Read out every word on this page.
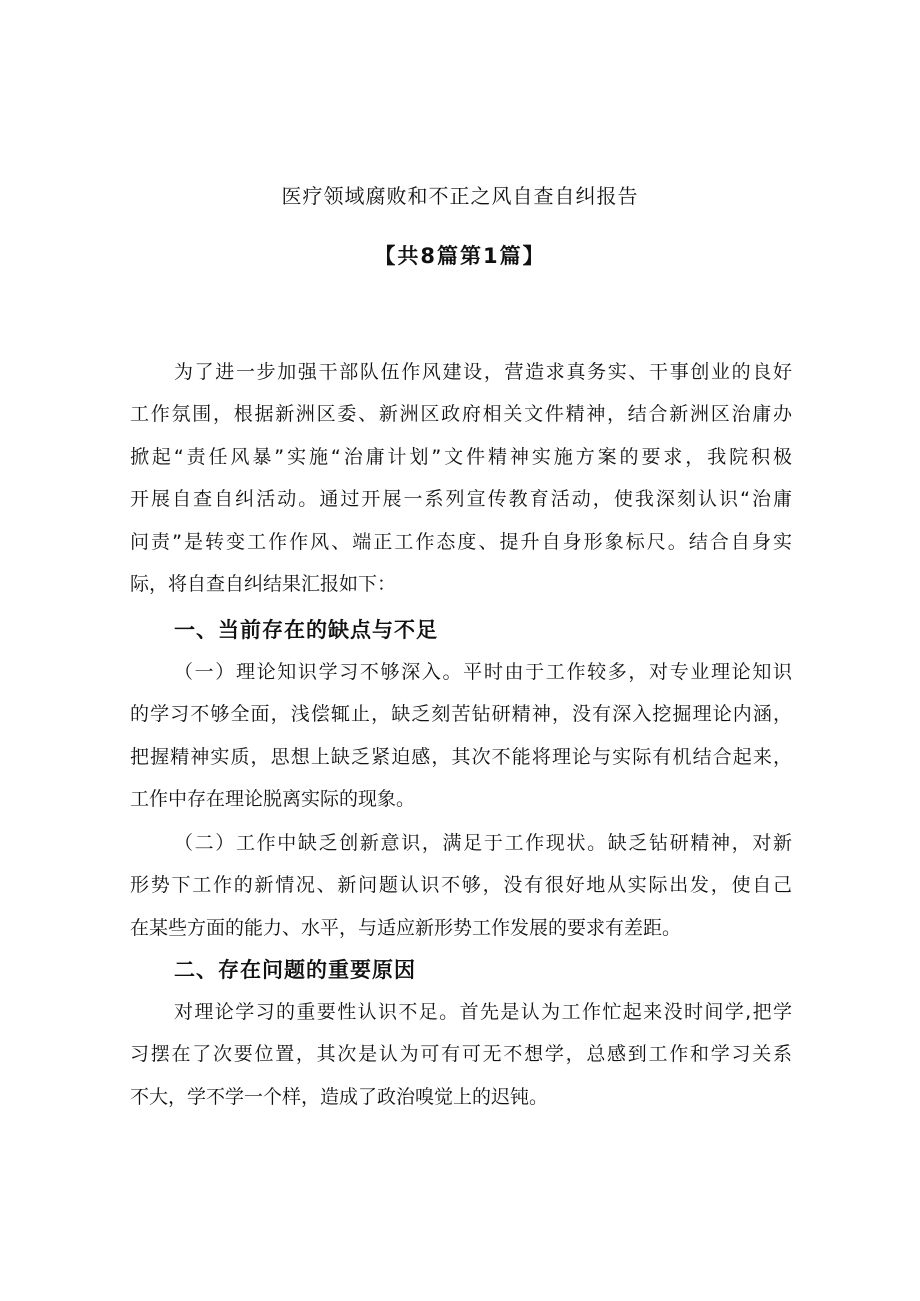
医疗领域腐败和不正之风自查自纠报告
【共8篇第1篇】
为了进一步加强干部队伍作风建设，营造求真务实、干事创业的良好
工作氛围，根据新洲区委、新洲区政府相关文件精神，结合新洲区治庸办
掀起“责任风暴”实施“治庸计划”文件精神实施方案的要求，我院积极
开展自查自纠活动。通过开展一系列宣传教育活动，使我深刻认识“治庸
问责”是转变工作作风、端正工作态度、提升自身形象标尺。结合自身实
际，将自查自纠结果汇报如下：
一、当前存在的缺点与不足
（一）理论知识学习不够深入。平时由于工作较多，对专业理论知识
的学习不够全面，浅偿辄止，缺乏刻苦钻研精神，没有深入挖掘理论内涵，
把握精神实质，思想上缺乏紧迫感，其次不能将理论与实际有机结合起来，
工作中存在理论脱离实际的现象。
（二）工作中缺乏创新意识，满足于工作现状。缺乏钻研精神，对新
形势下工作的新情况、新问题认识不够，没有很好地从实际出发，使自己
在某些方面的能力、水平，与适应新形势工作发展的要求有差距。
二、存在问题的重要原因
对理论学习的重要性认识不足。首先是认为工作忙起来没时间学,把学
习摆在了次要位置，其次是认为可有可无不想学，总感到工作和学习关系
不大，学不学一个样，造成了政治嗅觉上的迟钝。
